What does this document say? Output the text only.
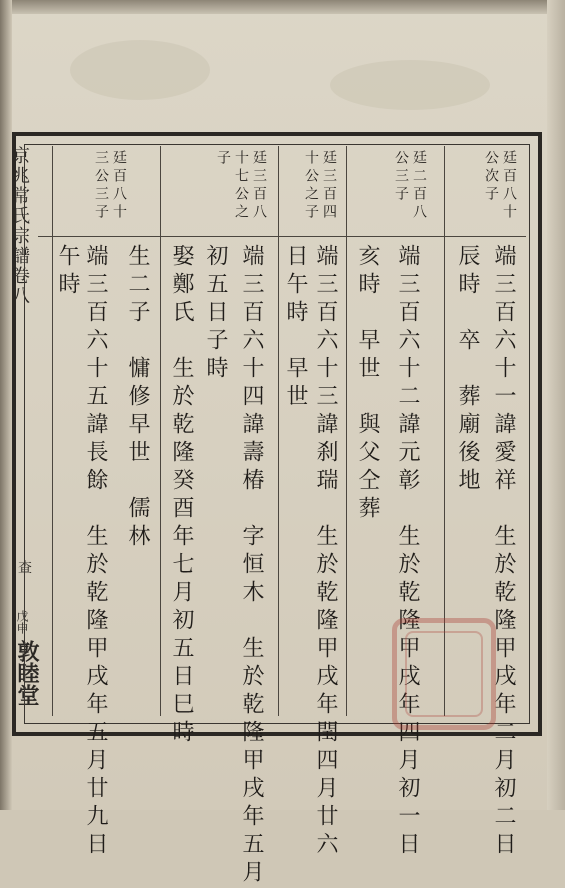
京兆常氏宗譜卷八
查
戊申
敦睦堂
廷百八十
公次子
端三百六十一諱愛祥　生於乾隆甲戌年二月初二日
辰時　卒　葬廟後地
廷二百八
公三子
端三百六十二諱元彰　生於乾隆甲戌年四月初一日
亥時　早世　與父仝葬
廷三百四
十公之子
端三百六十三諱刹瑞　生於乾隆甲戌年閏四月廿六
日午時　早世
廷三百八
十七公之
子
端三百六十四諱壽椿　字恒木　生於乾隆甲戌年五月
初五日子時
娶鄭氏　生於乾隆癸酉年七月初五日巳時
生二子　慵修早世　儒林
廷百八十
三公三子
端三百六十五諱長餘　生於乾隆甲戌年五月廿九日
午時
